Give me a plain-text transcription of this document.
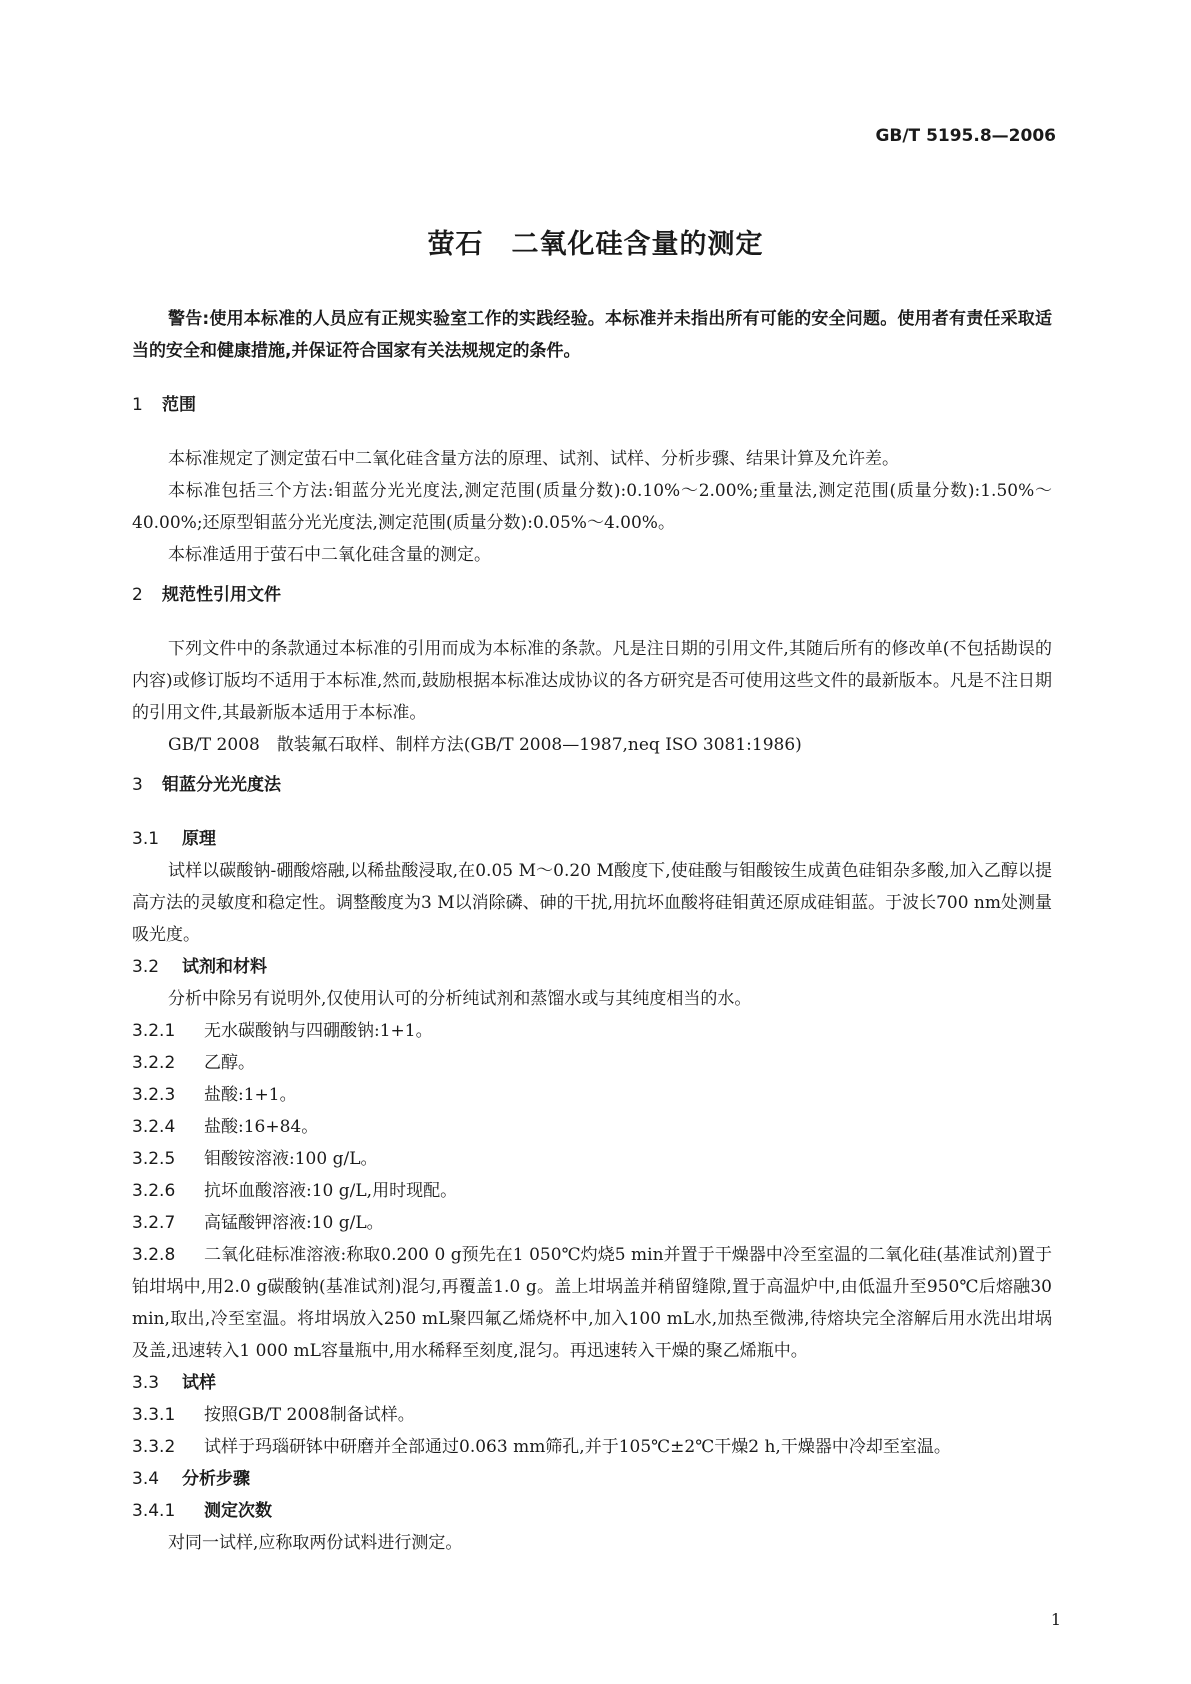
GB/T 5195.8—2006
萤石　二氧化硅含量的测定

警告:使用本标准的人员应有正规实验室工作的实践经验。本标准并未指出所有可能的安全问题。使用者有责任采取适当的安全和健康措施,并保证符合国家有关法规规定的条件。

1 范围

本标准规定了测定萤石中二氧化硅含量方法的原理、试剂、试样、分析步骤、结果计算及允许差。

本标准包括三个方法:钼蓝分光光度法,测定范围(质量分数):0.10%～2.00%;重量法,测定范围(质量分数):1.50%～40.00%;还原型钼蓝分光光度法,测定范围(质量分数):0.05%～4.00%。

本标准适用于萤石中二氧化硅含量的测定。

2 规范性引用文件

下列文件中的条款通过本标准的引用而成为本标准的条款。凡是注日期的引用文件,其随后所有的修改单(不包括勘误的内容)或修订版均不适用于本标准,然而,鼓励根据本标准达成协议的各方研究是否可使用这些文件的最新版本。凡是不注日期的引用文件,其最新版本适用于本标准。

GB/T 2008　散装氟石取样、制样方法(GB/T 2008—1987,neq ISO 3081:1986)

3 钼蓝分光光度法

3.1 原理

试样以碳酸钠-硼酸熔融,以稀盐酸浸取,在0.05 M～0.20 M酸度下,使硅酸与钼酸铵生成黄色硅钼杂多酸,加入乙醇以提高方法的灵敏度和稳定性。调整酸度为3 M以消除磷、砷的干扰,用抗坏血酸将硅钼黄还原成硅钼蓝。于波长700 nm处测量吸光度。

3.2 试剂和材料

分析中除另有说明外,仅使用认可的分析纯试剂和蒸馏水或与其纯度相当的水。

3.2.1 无水碳酸钠与四硼酸钠:1+1。

3.2.2 乙醇。

3.2.3 盐酸:1+1。

3.2.4 盐酸:16+84。

3.2.5 钼酸铵溶液:100 g/L。

3.2.6 抗坏血酸溶液:10 g/L,用时现配。

3.2.7 高锰酸钾溶液:10 g/L。

3.2.8 二氧化硅标准溶液:称取0.200 0 g预先在1 050℃灼烧5 min并置于干燥器中冷至室温的二氧化硅(基准试剂)置于铂坩埚中,用2.0 g碳酸钠(基准试剂)混匀,再覆盖1.0 g。盖上坩埚盖并稍留缝隙,置于高温炉中,由低温升至950℃后熔融30 min,取出,冷至室温。将坩埚放入250 mL聚四氟乙烯烧杯中,加入100 mL水,加热至微沸,待熔块完全溶解后用水洗出坩埚及盖,迅速转入1 000 mL容量瓶中,用水稀释至刻度,混匀。再迅速转入干燥的聚乙烯瓶中。

3.3 试样

3.3.1 按照GB/T 2008制备试样。

3.3.2 试样于玛瑙研钵中研磨并全部通过0.063 mm筛孔,并于105℃±2℃干燥2 h,干燥器中冷却至室温。

3.4 分析步骤

3.4.1 测定次数

对同一试样,应称取两份试料进行测定。

1
